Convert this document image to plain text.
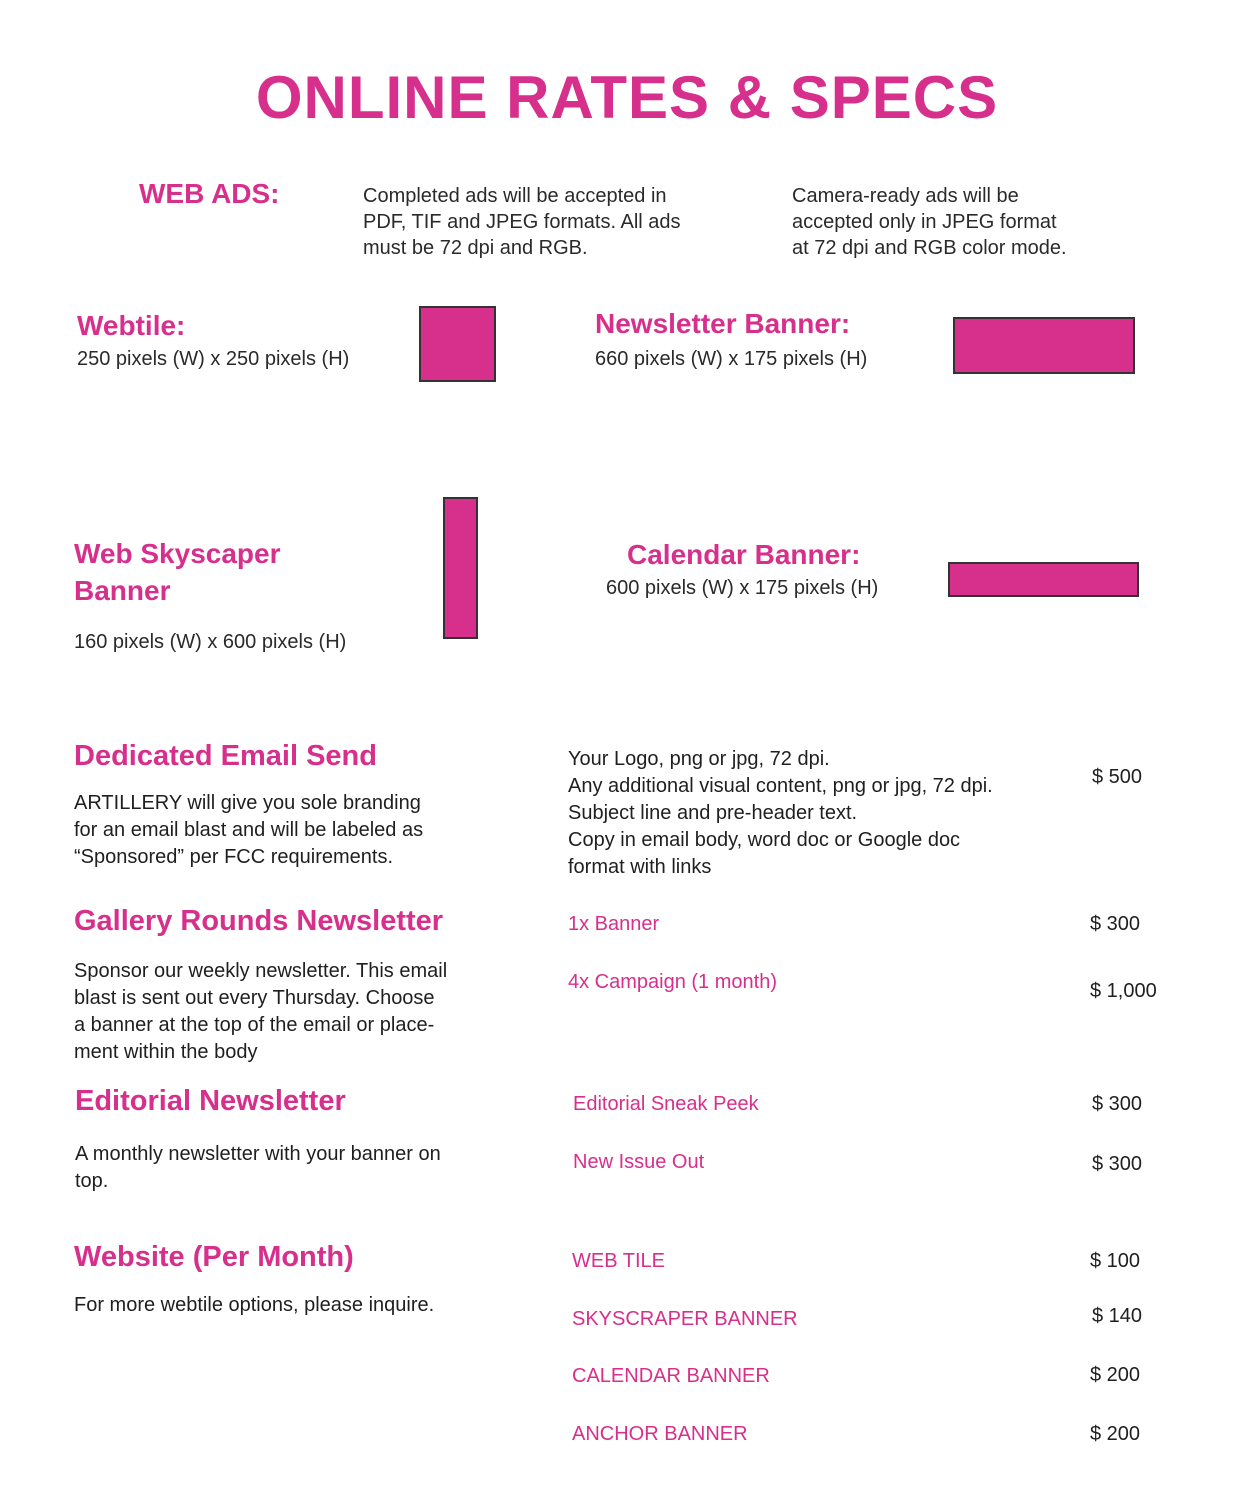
ONLINE RATES & SPECS
WEB ADS:	Completed ads will be accepted in
PDF, TIF and JPEG formats. All ads
must be 72 dpi and RGB.
Camera-ready ads will be
accepted only in JPEG format
at 72 dpi and RGB color mode.
Webtile:
250 pixels (W) x 250 pixels (H)
Newsletter Banner:
660 pixels (W) x 175 pixels (H)
Web Skyscaper
Banner
160 pixels (W) x 600 pixels (H)
Calendar Banner:
600 pixels (W) x 175 pixels (H)
Dedicated Email Send
ARTILLERY will give you sole branding
for an email blast and will be labeled as
“Sponsored” per FCC requirements.
Your Logo, png or jpg, 72 dpi.
Any additional visual content, png or jpg, 72 dpi.
Subject line and pre-header text.
Copy in email body, word doc or Google doc
format with links
$ 500
Gallery Rounds Newsletter
Sponsor our weekly newsletter. This email
blast is sent out every Thursday. Choose
a banner at the top of the email or place-
ment within the body
1x Banner	$ 300
4x Campaign (1 month)	$ 1,000
Editorial Newsletter
A monthly newsletter with your banner on
top.
Editorial Sneak Peek	$ 300
New Issue Out	$ 300
Website (Per Month)
For more webtile options, please inquire.
WEB TILE	$ 100
SKYSCRAPER BANNER	$ 140
CALENDAR BANNER	$ 200
ANCHOR BANNER	$ 200
